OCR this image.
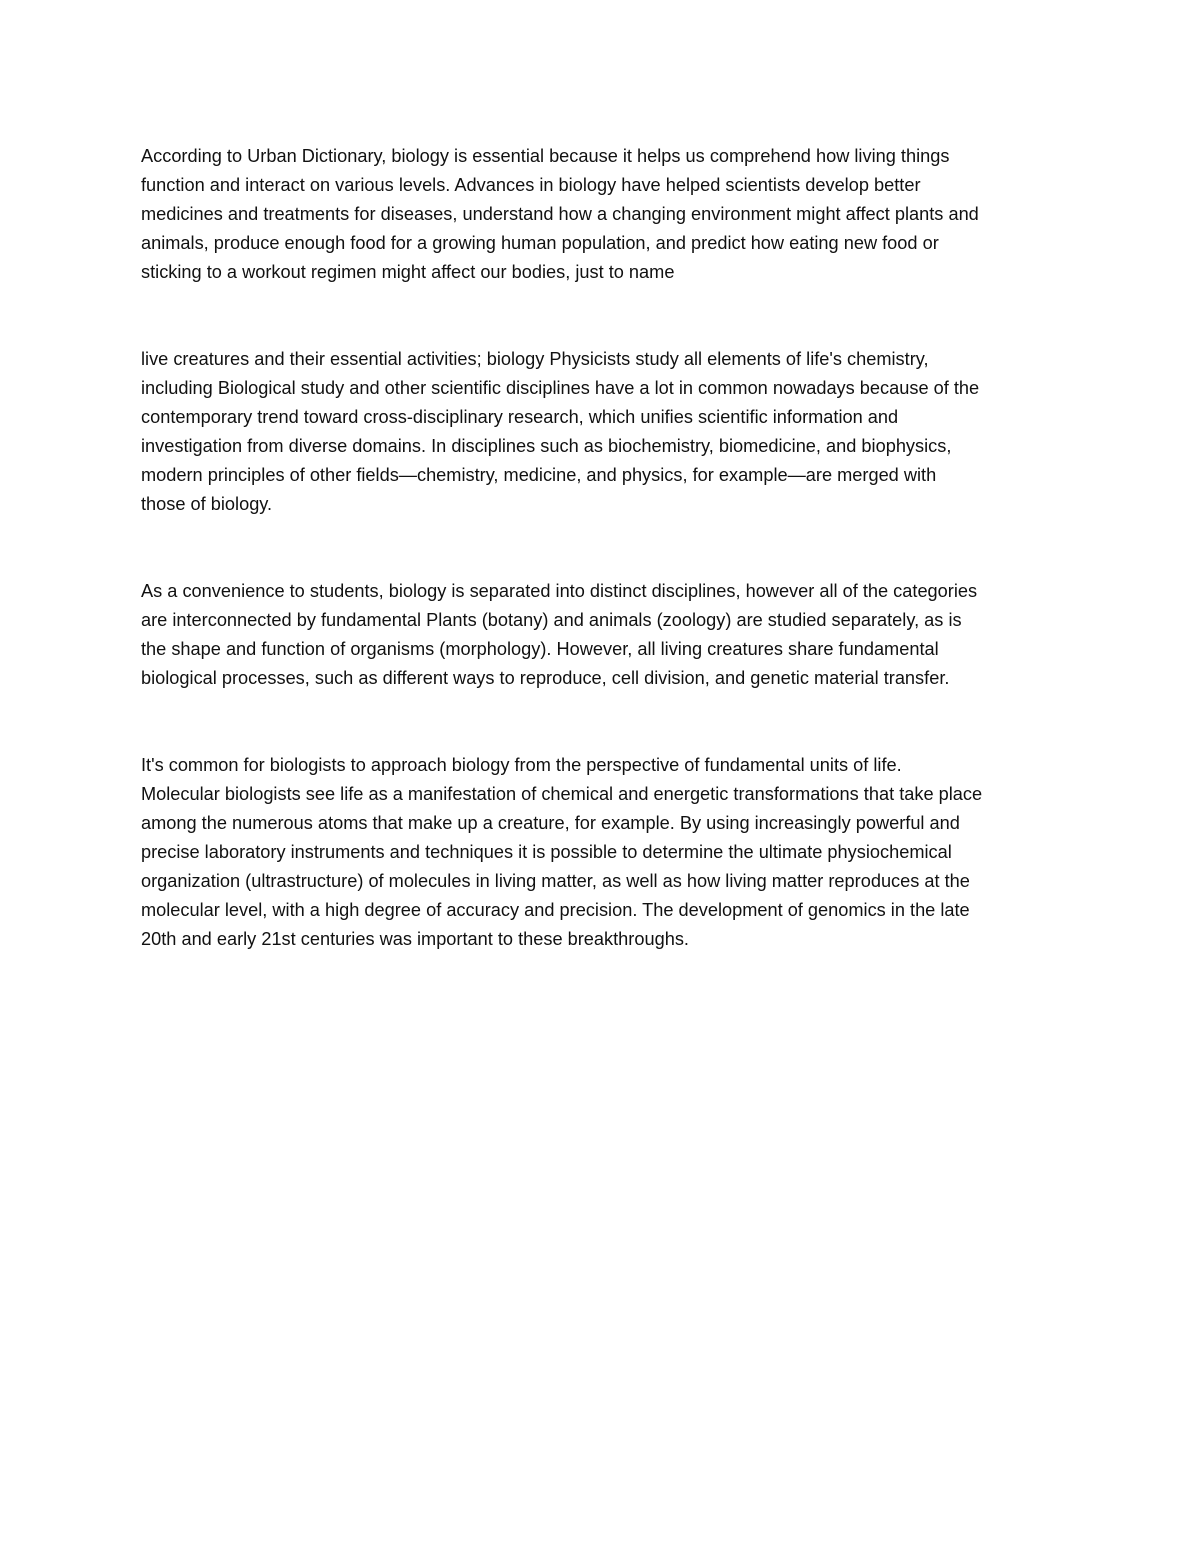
According to Urban Dictionary, biology is essential because it helps us comprehend how living things
function and interact on various levels. Advances in biology have helped scientists develop better
medicines and treatments for diseases, understand how a changing environment might affect plants and
animals, produce enough food for a growing human population, and predict how eating new food or
sticking to a workout regimen might affect our bodies, just to name
live creatures and their essential activities; biology Physicists study all elements of life's chemistry,
including Biological study and other scientific disciplines have a lot in common nowadays because of the
contemporary trend toward cross-disciplinary research, which unifies scientific information and
investigation from diverse domains. In disciplines such as biochemistry, biomedicine, and biophysics,
modern principles of other fields—chemistry, medicine, and physics, for example—are merged with
those of biology.
As a convenience to students, biology is separated into distinct disciplines, however all of the categories
are interconnected by fundamental Plants (botany) and animals (zoology) are studied separately, as is
the shape and function of organisms (morphology). However, all living creatures share fundamental
biological processes, such as different ways to reproduce, cell division, and genetic material transfer.
It's common for biologists to approach biology from the perspective of fundamental units of life.
Molecular biologists see life as a manifestation of chemical and energetic transformations that take place
among the numerous atoms that make up a creature, for example. By using increasingly powerful and
precise laboratory instruments and techniques it is possible to determine the ultimate physiochemical
organization (ultrastructure) of molecules in living matter, as well as how living matter reproduces at the
molecular level, with a high degree of accuracy and precision. The development of genomics in the late
20th and early 21st centuries was important to these breakthroughs.
